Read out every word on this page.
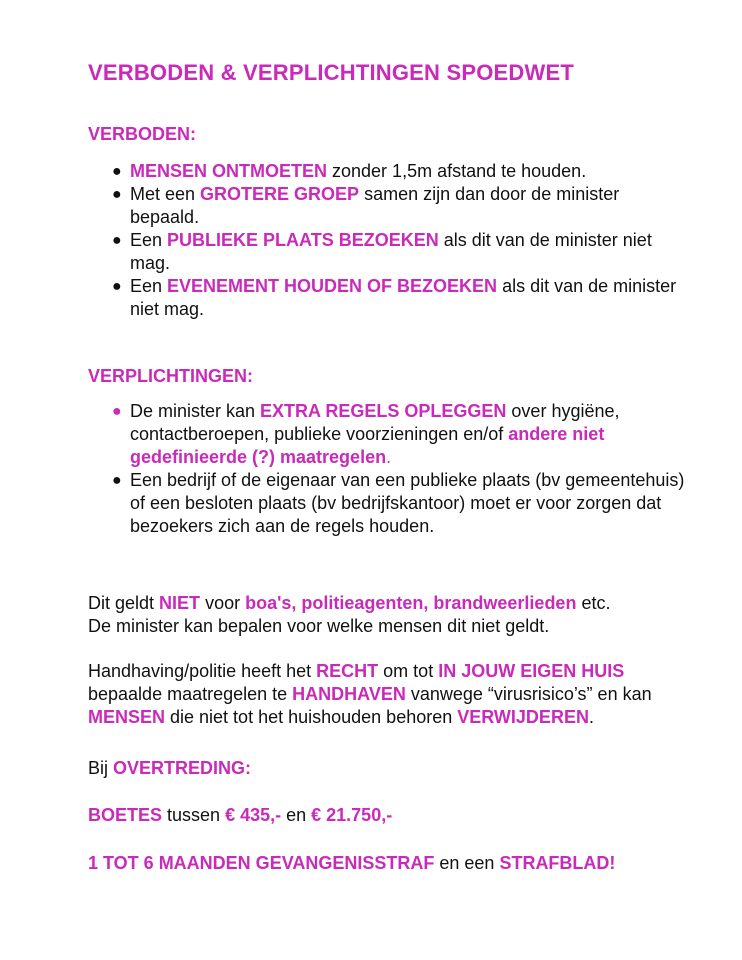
VERBODEN & VERPLICHTINGEN SPOEDWET
VERBODEN:
● MENSEN ONTMOETEN zonder 1,5m afstand te houden.
● Met een GROTERE GROEP samen zijn dan door de minister bepaald.
● Een PUBLIEKE PLAATS BEZOEKEN als dit van de minister niet mag.
● Een EVENEMENT HOUDEN OF BEZOEKEN als dit van de minister niet mag.
VERPLICHTINGEN:
● De minister kan EXTRA REGELS OPLEGGEN over hygiëne, contactberoepen, publieke voorzieningen en/of andere niet gedefinieerde (?) maatregelen.
● Een bedrijf of de eigenaar van een publieke plaats (bv gemeentehuis) of een besloten plaats (bv bedrijfskantoor) moet er voor zorgen dat bezoekers zich aan de regels houden.

Dit geldt NIET voor boa's, politieagenten, brandweerlieden etc.
De minister kan bepalen voor welke mensen dit niet geldt.

Handhaving/politie heeft het RECHT om tot IN JOUW EIGEN HUIS bepaalde maatregelen te HANDHAVEN vanwege “virusrisico’s” en kan MENSEN die niet tot het huishouden behoren VERWIJDEREN.

Bij OVERTREDING:

BOETES tussen € 435,- en € 21.750,-

1 TOT 6 MAANDEN GEVANGENISSTRAF en een STRAFBLAD!
